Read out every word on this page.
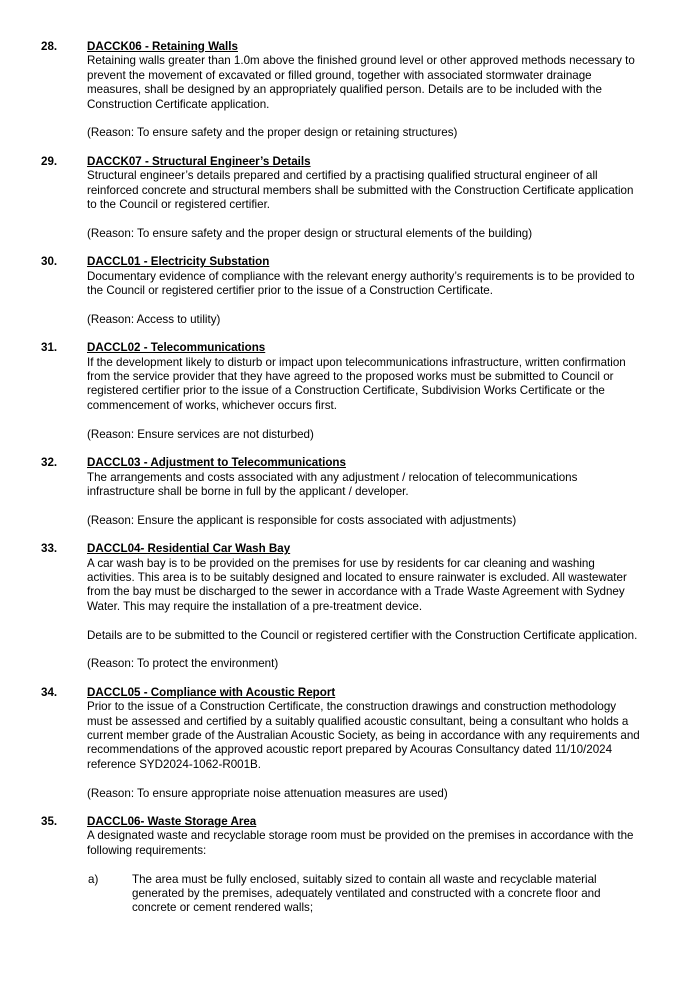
28.	DACCK06 - Retaining Walls
Retaining walls greater than 1.0m above the finished ground level or other approved methods necessary to prevent the movement of excavated or filled ground, together with associated stormwater drainage measures, shall be designed by an appropriately qualified person. Details are to be included with the Construction Certificate application.
(Reason: To ensure safety and the proper design or retaining structures)
29.	DACCK07 - Structural Engineer’s Details
Structural engineer’s details prepared and certified by a practising qualified structural engineer of all reinforced concrete and structural members shall be submitted with the Construction Certificate application to the Council or registered certifier.
(Reason: To ensure safety and the proper design or structural elements of the building)
30.	DACCL01 - Electricity Substation
Documentary evidence of compliance with the relevant energy authority’s requirements is to be provided to the Council or registered certifier prior to the issue of a Construction Certificate.
(Reason: Access to utility)
31.	DACCL02 - Telecommunications
If the development likely to disturb or impact upon telecommunications infrastructure, written confirmation from the service provider that they have agreed to the proposed works must be submitted to Council or registered certifier prior to the issue of a Construction Certificate, Subdivision Works Certificate or the commencement of works, whichever occurs first.
(Reason: Ensure services are not disturbed)
32.	DACCL03 - Adjustment to Telecommunications
The arrangements and costs associated with any adjustment / relocation of telecommunications infrastructure shall be borne in full by the applicant / developer.
(Reason: Ensure the applicant is responsible for costs associated with adjustments)
33.	DACCL04- Residential Car Wash Bay
A car wash bay is to be provided on the premises for use by residents for car cleaning and washing activities. This area is to be suitably designed and located to ensure rainwater is excluded. All wastewater from the bay must be discharged to the sewer in accordance with a Trade Waste Agreement with Sydney Water. This may require the installation of a pre-treatment device.
Details are to be submitted to the Council or registered certifier with the Construction Certificate application.
(Reason: To protect the environment)
34.	DACCL05 - Compliance with Acoustic Report
Prior to the issue of a Construction Certificate, the construction drawings and construction methodology must be assessed and certified by a suitably qualified acoustic consultant, being a consultant who holds a current member grade of the Australian Acoustic Society, as being in accordance with any requirements and recommendations of the approved acoustic report prepared by Acouras Consultancy dated 11/10/2024 reference SYD2024-1062-R001B.
(Reason: To ensure appropriate noise attenuation measures are used)
35.	DACCL06- Waste Storage Area
A designated waste and recyclable storage room must be provided on the premises in accordance with the following requirements:
a)	The area must be fully enclosed, suitably sized to contain all waste and recyclable material generated by the premises, adequately ventilated and constructed with a concrete floor and concrete or cement rendered walls;
